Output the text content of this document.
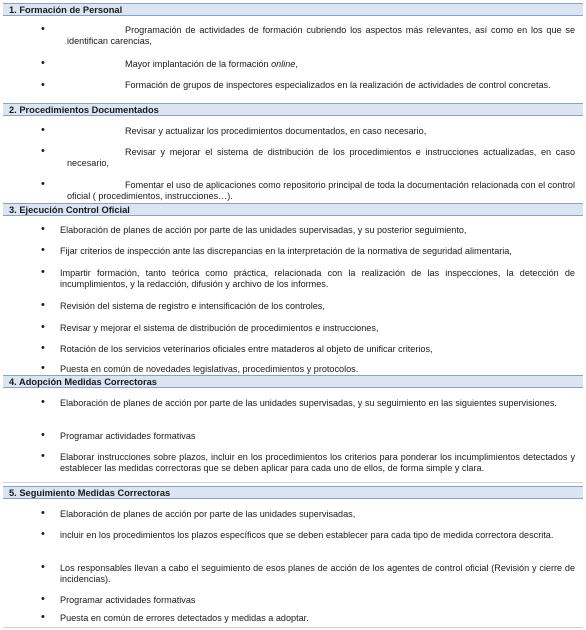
1. Formación de Personal
•	Programación de actividades de formación cubriendo los aspectos más relevantes, así como en los que se identifican carencias,
•	Mayor implantación de la formación online,
•	Formación de grupos de inspectores especializados en la realización de actividades de control concretas.
2. Procedimientos Documentados
•	Revisar y actualizar los procedimientos documentados, en caso necesario,
•	Revisar y mejorar el sistema de distribución de los procedimientos e instrucciones actualizadas, en caso necesario,
•	Fomentar el uso de aplicaciones como repositorio principal de toda la documentación relacionada con el control oficial ( procedimientos, instrucciones…).
3. Ejecución Control Oficial
• Elaboración de planes de acción por parte de las unidades supervisadas, y su posterior seguimiento,
• Fijar criterios de inspección ante las discrepancias en la interpretación de la normativa de seguridad alimentaria,
• Impartir formación, tanto teórica como práctica, relacionada con la realización de las inspecciones, la detección de incumplimientos, y la redacción, difusión y archivo de los informes.
• Revisión del sistema de registro e intensificación de los controles,
• Revisar y mejorar el sistema de distribución de procedimientos e instrucciones,
• Rotación de los servicios veterinarios oficiales entre mataderos al objeto de unificar criterios,
• Puesta en común de novedades legislativas, procedimientos y protocolos.
4. Adopción Medidas Correctoras
• Elaboración de planes de acción por parte de las unidades supervisadas, y su seguimiento en las siguientes supervisiones.
• Programar actividades formativas
• Elaborar instrucciones sobre plazos, incluir en los procedimientos los criterios para ponderar los incumplimientos detectados y establecer las medidas correctoras que se deben aplicar para cada uno de ellos, de forma simple y clara.
5. Seguimiento Medidas Correctoras
• Elaboración de planes de acción por parte de las unidades supervisadas,
• incluir en los procedimientos los plazos específicos que se deben establecer para cada tipo de medida correctora descrita.
• Los responsables llevan a cabo el seguimiento de esos planes de acción de los agentes de control oficial (Revisión y cierre de incidencias).
• Programar actividades formativas
• Puesta en común de errores detectados y medidas a adoptar.
